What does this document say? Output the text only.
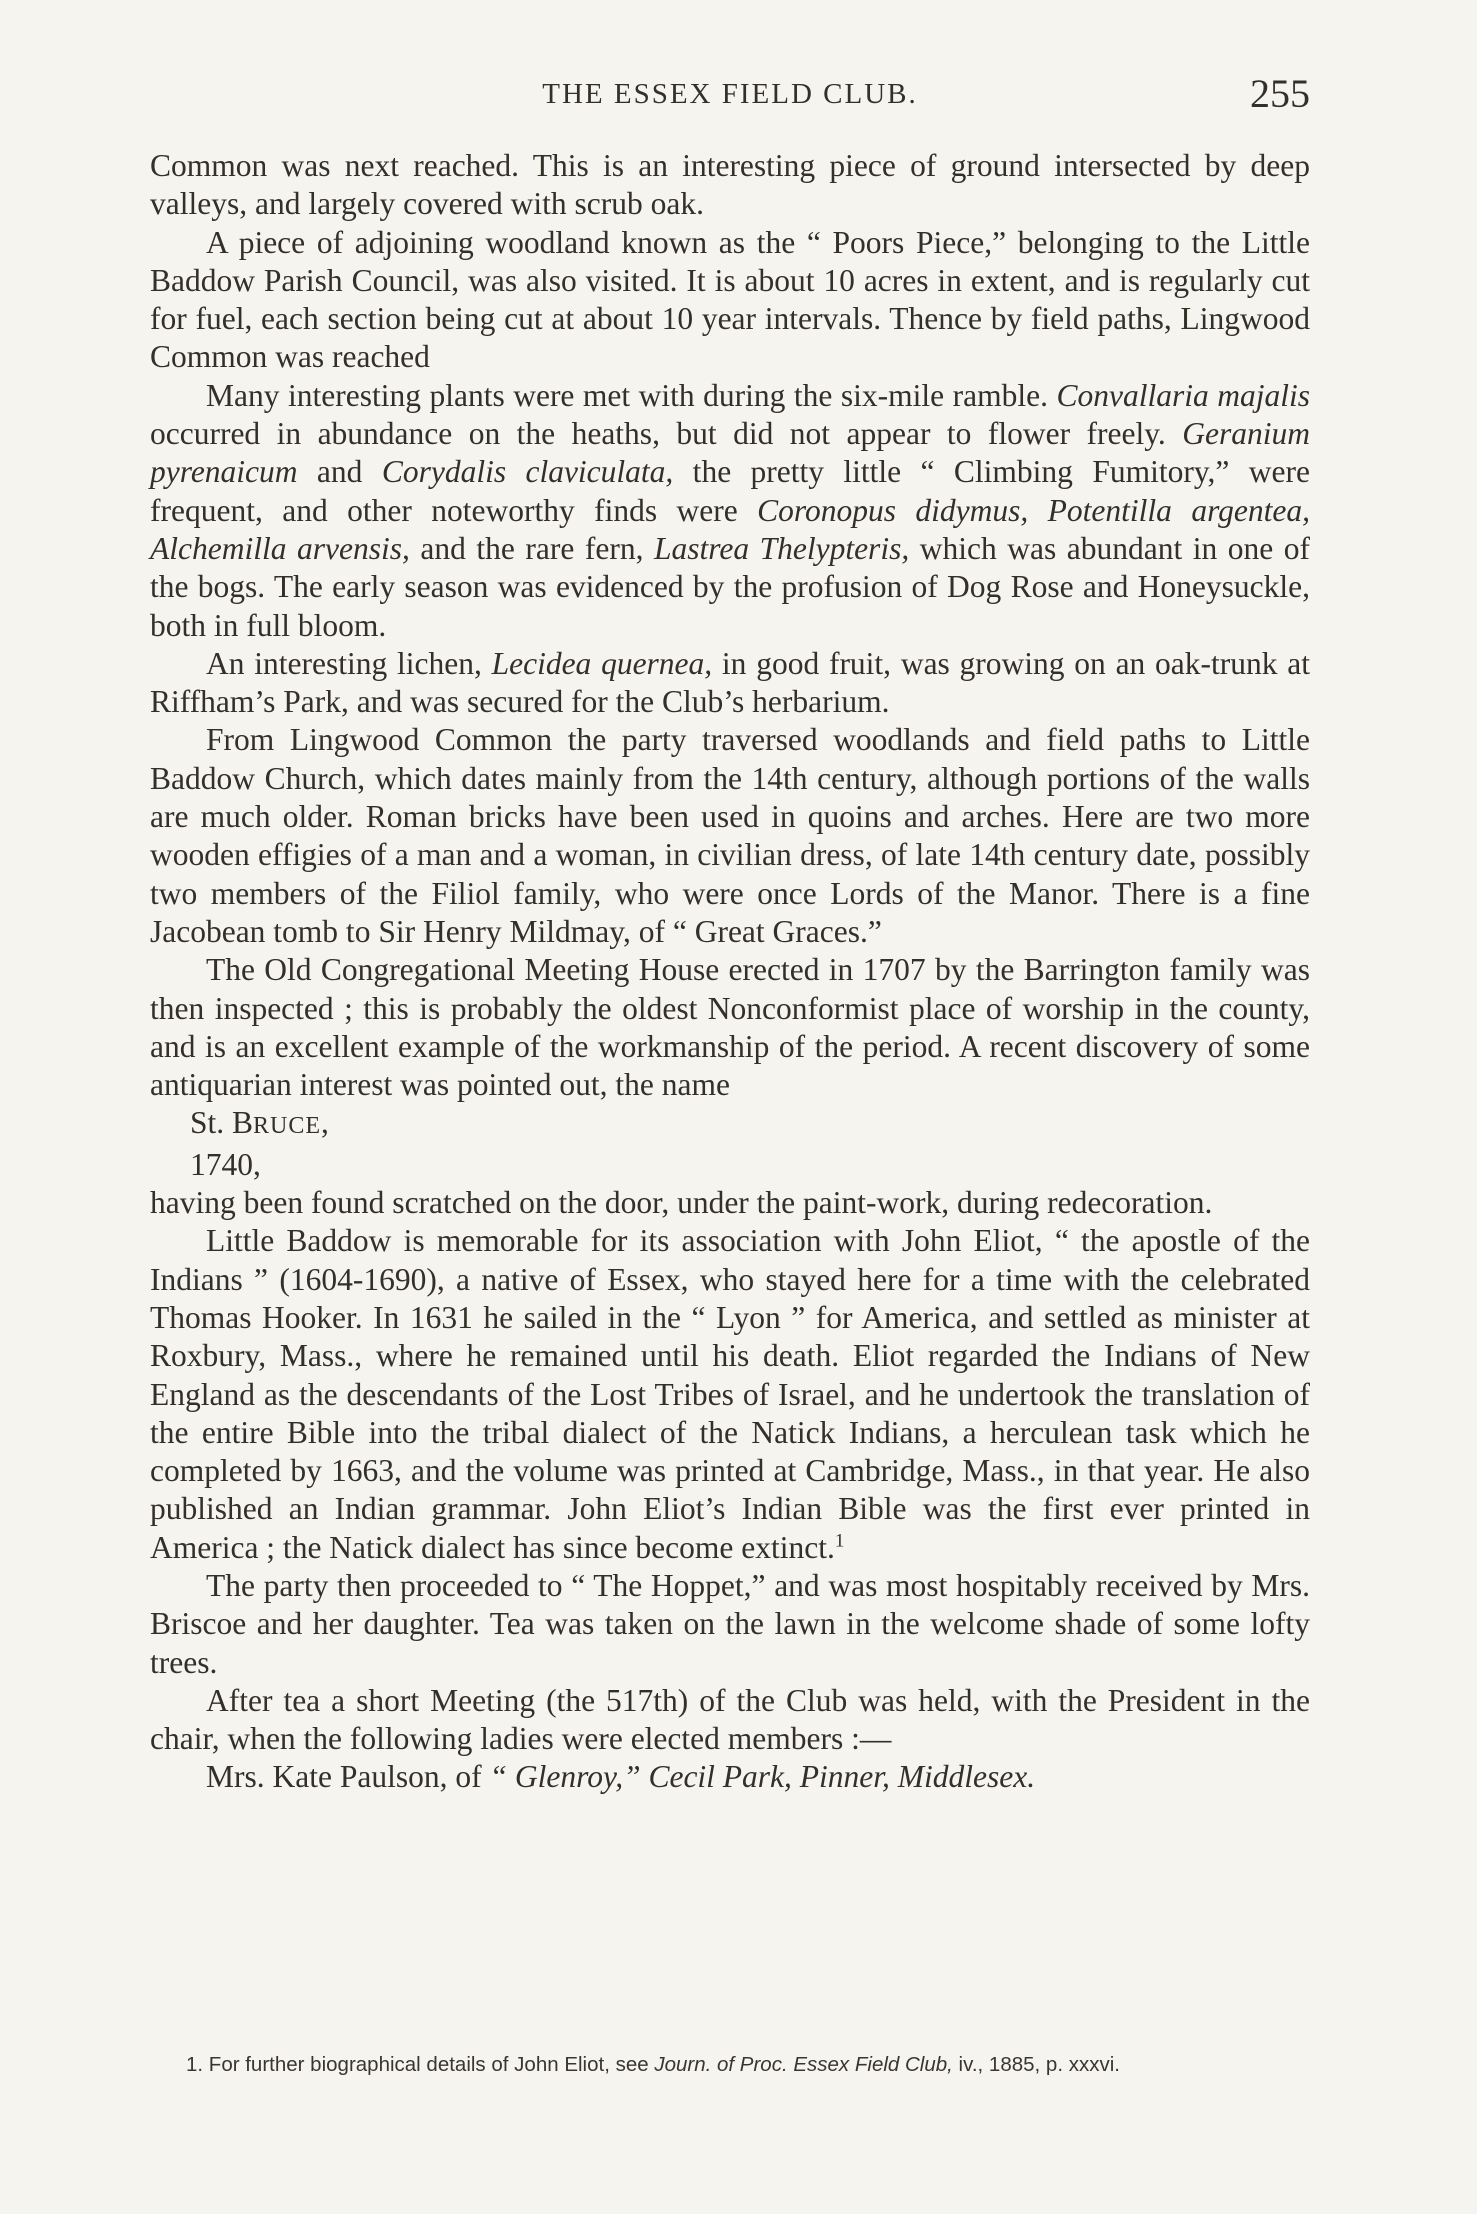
THE ESSEX FIELD CLUB.	255

Common was next reached. This is an interesting piece of ground intersected by deep valleys, and largely covered with scrub oak.

A piece of adjoining woodland known as the “ Poors Piece,” belonging to the Little Baddow Parish Council, was also visited. It is about 10 acres in extent, and is regularly cut for fuel, each section being cut at about 10 year intervals. Thence by field paths, Lingwood Common was reached

Many interesting plants were met with during the six-mile ramble. Convallaria majalis occurred in abundance on the heaths, but did not appear to flower freely. Geranium pyrenaicum and Corydalis claviculata, the pretty little “ Climbing Fumitory,” were frequent, and other noteworthy finds were Coronopus didymus, Potentilla argentea, Alchemilla arvensis, and the rare fern, Lastrea Thelypteris, which was abundant in one of the bogs. The early season was evidenced by the profusion of Dog Rose and Honeysuckle, both in full bloom.

An interesting lichen, Lecidea quernea, in good fruit, was growing on an oak-trunk at Riffham’s Park, and was secured for the Club’s herbarium.

From Lingwood Common the party traversed woodlands and field paths to Little Baddow Church, which dates mainly from the 14th century, although portions of the walls are much older. Roman bricks have been used in quoins and arches. Here are two more wooden effigies of a man and a woman, in civilian dress, of late 14th century date, possibly two members of the Filiol family, who were once Lords of the Manor. There is a fine Jacobean tomb to Sir Henry Mildmay, of “ Great Graces.”

The Old Congregational Meeting House erected in 1707 by the Barrington family was then inspected ; this is probably the oldest Nonconformist place of worship in the county, and is an excellent example of the workmanship of the period. A recent discovery of some antiquarian interest was pointed out, the name

St. BRUCE,

1740,

having been found scratched on the door, under the paint-work, during redecoration.

Little Baddow is memorable for its association with John Eliot, “ the apostle of the Indians ” (1604-1690), a native of Essex, who stayed here for a time with the celebrated Thomas Hooker. In 1631 he sailed in the “ Lyon ” for America, and settled as minister at Roxbury, Mass., where he remained until his death. Eliot regarded the Indians of New England as the descendants of the Lost Tribes of Israel, and he undertook the translation of the entire Bible into the tribal dialect of the Natick Indians, a herculean task which he completed by 1663, and the volume was printed at Cambridge, Mass., in that year. He also published an Indian grammar. John Eliot’s Indian Bible was the first ever printed in America ; the Natick dialect has since become extinct.$^1$

The party then proceeded to “ The Hoppet,” and was most hospitably received by Mrs. Briscoe and her daughter. Tea was taken on the lawn in the welcome shade of some lofty trees.

After tea a short Meeting (the 517th) of the Club was held, with the President in the chair, when the following ladies were elected members :—

Mrs. Kate Paulson, of “ Glenroy,” Cecil Park, Pinner, Middlesex.

1. For further biographical details of John Eliot, see Journ. of Proc. Essex Field Club, iv., 1885, p. xxxvi.
